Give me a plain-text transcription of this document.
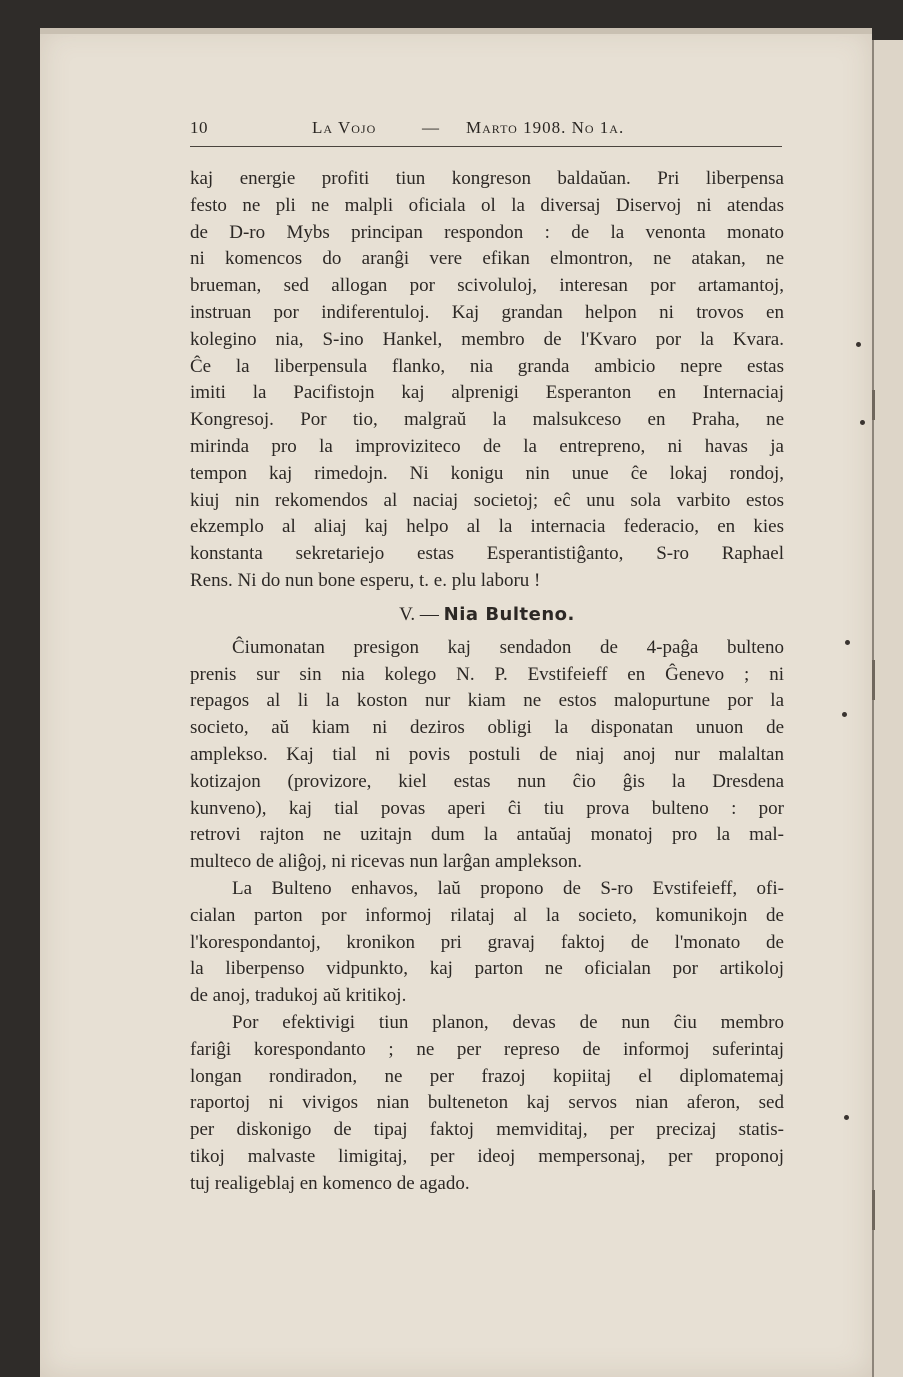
10	La Vojo	— Marto 1908. No 1a.
kaj energie profiti tiun kongreson baldaŭan. Pri liberpensa
festo ne pli ne malpli oficiala ol la diversaj Diservoj ni atendas
de D-ro Mybs principan respondon : de la venonta monato
ni komencos do aranĝi vere efikan elmontron, ne atakan, ne
brueman, sed allogan por scivoluloj, interesan por artamantoj,
instruan por indiferentuloj. Kaj grandan helpon ni trovos en
kolegino nia, S-ino Hankel, membro de l'Kvaro por la Kvara.
Ĉe la liberpensula flanko, nia granda ambicio nepre estas
imiti la Pacifistojn kaj alprenigi Esperanton en Internaciaj
Kongresoj. Por tio, malgraŭ la malsukceso en Praha, ne
mirinda pro la improviziteco de la entrepreno, ni havas ja
tempon kaj rimedojn. Ni konigu nin unue ĉe lokaj rondoj,
kiuj nin rekomendos al naciaj societoj; eĉ unu sola varbito estos
ekzemplo al aliaj kaj helpo al la internacia federacio, en kies
konstanta sekretariejo estas Esperantistiĝanto, S-ro Raphael
Rens. Ni do nun bone esperu, t. e. plu laboru !
V. — Nia Bulteno.
Ĉiumonatan presigon kaj sendadon de 4-paĝa bulteno
prenis sur sin nia kolego N. P. Evstifeieff en Ĝenevo ; ni
repagos al li la koston nur kiam ne estos malopurtune por la
societo, aŭ kiam ni deziros obligi la disponatan unuon de
amplekso. Kaj tial ni povis postuli de niaj anoj nur malaltan
kotizajon (provizore, kiel estas nun ĉio ĝis la Dresdena
kunveno), kaj tial povas aperi ĉi tiu prova bulteno : por
retrovi rajton ne uzitajn dum la antaŭaj monatoj pro la mal-
multeco de aliĝoj, ni ricevas nun larĝan amplekson.
La Bulteno enhavos, laŭ propono de S-ro Evstifeieff, ofi-
cialan parton por informoj rilataj al la societo, komunikojn de
l'korespondantoj, kronikon pri gravaj faktoj de l'monato de
la liberpenso vidpunkto, kaj parton ne oficialan por artikoloj
de anoj, tradukoj aŭ kritikoj.
Por efektivigi tiun planon, devas de nun ĉiu membro
fariĝi korespondanto ; ne per represo de informoj suferintaj
longan rondiradon, ne per frazoj kopiitaj el diplomatemaj
raportoj ni vivigos nian bulteneton kaj servos nian aferon, sed
per diskonigo de tipaj faktoj memviditaj, per precizaj statis-
tikoj malvaste limigitaj, per ideoj mempersonaj, per proponoj
tuj realigeblaj en komenco de agado.
